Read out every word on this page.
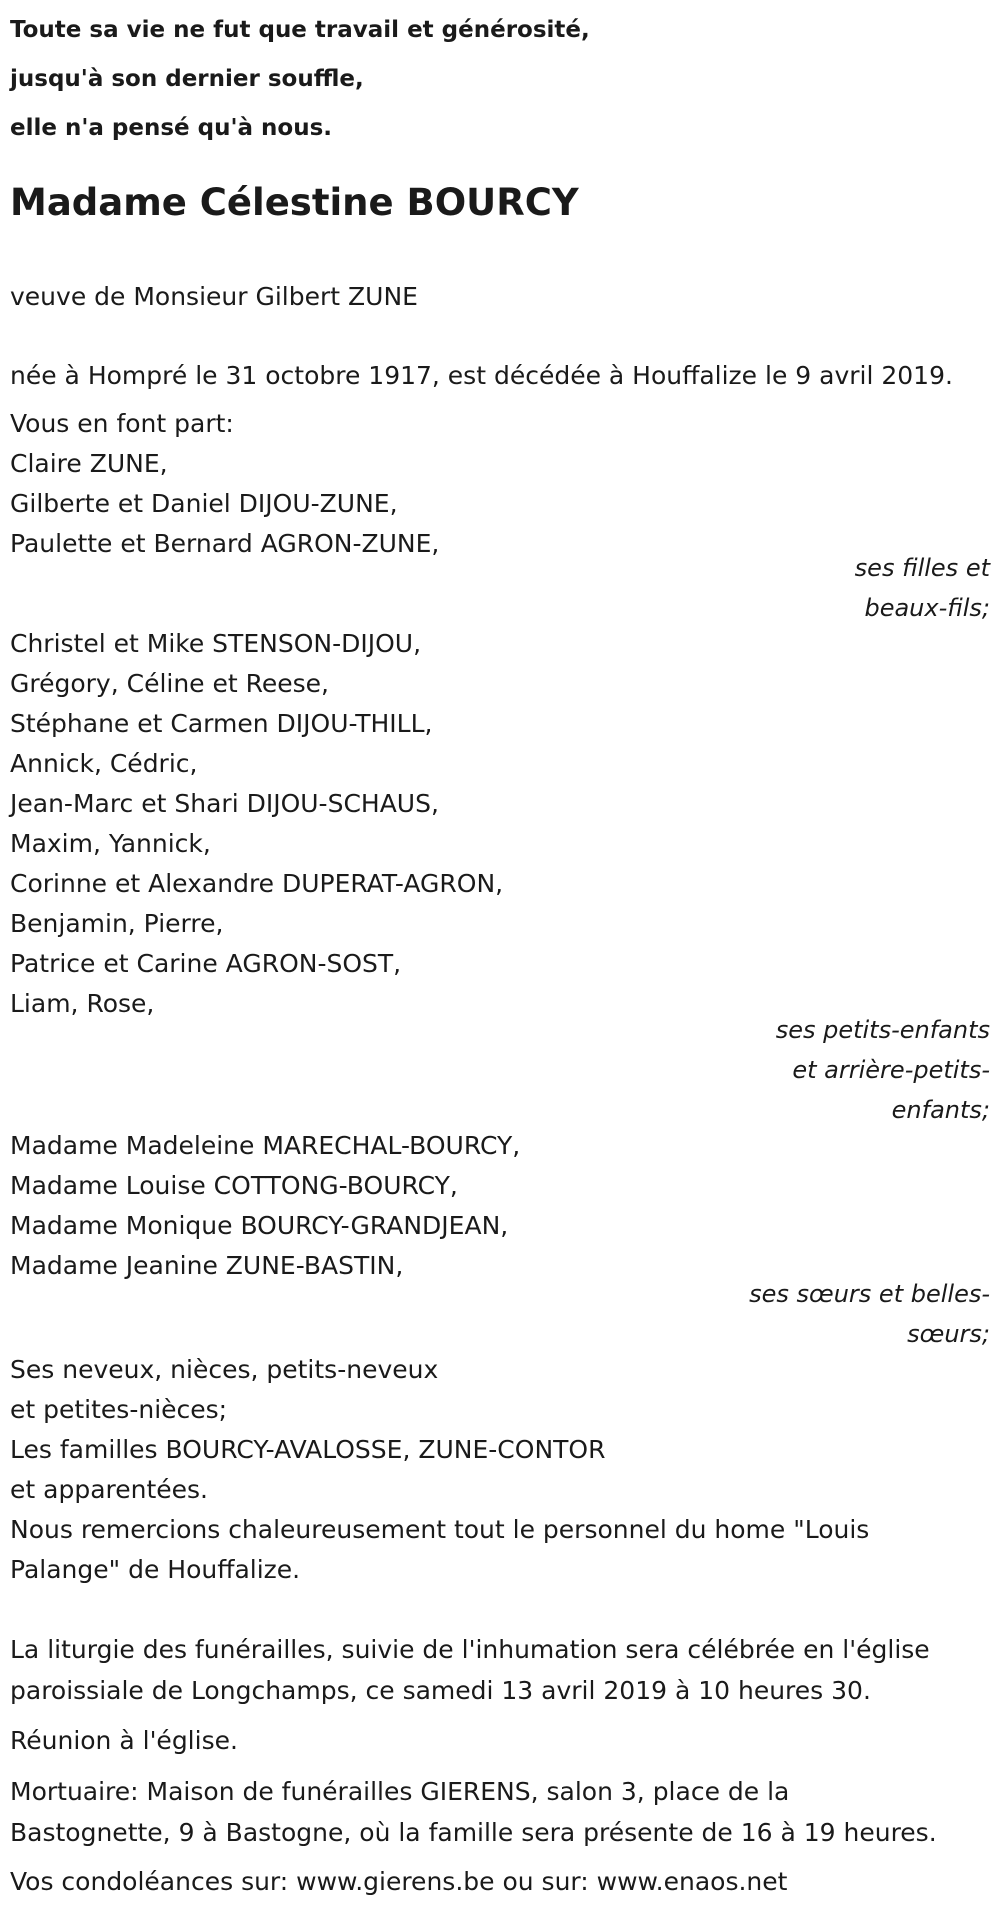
Toute sa vie ne fut que travail et générosité,
jusqu'à son dernier souffle,
elle n'a pensé qu'à nous.
Madame Célestine BOURCY
veuve de Monsieur Gilbert ZUNE
née à Hompré le 31 octobre 1917, est décédée à Houffalize le 9 avril 2019.
Vous en font part:
Claire ZUNE,
Gilberte et Daniel DIJOU-ZUNE,
Paulette et Bernard AGRON-ZUNE,
ses filles et
beaux-fils;
Christel et Mike STENSON-DIJOU,
Grégory, Céline et Reese,
Stéphane et Carmen DIJOU-THILL,
Annick, Cédric,
Jean-Marc et Shari DIJOU-SCHAUS,
Maxim, Yannick,
Corinne et Alexandre DUPERAT-AGRON,
Benjamin, Pierre,
Patrice et Carine AGRON-SOST,
Liam, Rose,
ses petits-enfants
et arrière-petits-
enfants;
Madame Madeleine MARECHAL-BOURCY,
Madame Louise COTTONG-BOURCY,
Madame Monique BOURCY-GRANDJEAN,
Madame Jeanine ZUNE-BASTIN,
ses sœurs et belles-
sœurs;
Ses neveux, nièces, petits-neveux
et petites-nièces;
Les familles BOURCY-AVALOSSE, ZUNE-CONTOR
et apparentées.
Nous remercions chaleureusement tout le personnel du home "Louis
Palange" de Houffalize.
La liturgie des funérailles, suivie de l'inhumation sera célébrée en l'église
paroissiale de Longchamps, ce samedi 13 avril 2019 à 10 heures 30.
Réunion à l'église.
Mortuaire: Maison de funérailles GIERENS, salon 3, place de la
Bastognette, 9 à Bastogne, où la famille sera présente de 16 à 19 heures.
Vos condoléances sur: www.gierens.be ou sur: www.enaos.net
